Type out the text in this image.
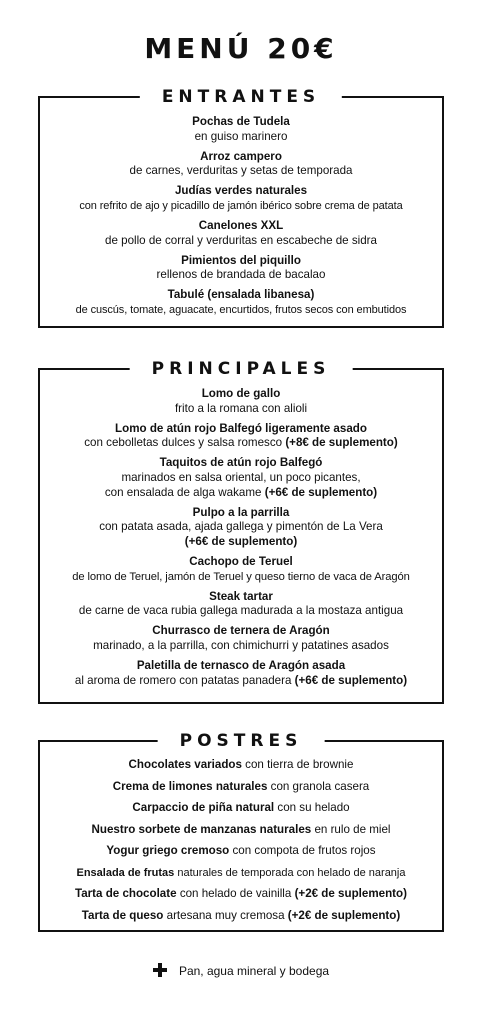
MENÚ 20€
ENTRANTES
Pochas de Tudela
en guiso marinero
Arroz campero
de carnes, verduritas y setas de temporada
Judías verdes naturales
con refrito de ajo y picadillo de jamón ibérico sobre crema de patata
Canelones XXL
de pollo de corral y verduritas en escabeche de sidra
Pimientos del piquillo
rellenos de brandada de bacalao
Tabulé (ensalada libanesa)
de cuscús, tomate, aguacate, encurtidos, frutos secos con embutidos
PRINCIPALES
Lomo de gallo
frito a la romana con alioli
Lomo de atún rojo Balfegó ligeramente asado
con cebolletas dulces y salsa romesco (+8€ de suplemento)
Taquitos de atún rojo Balfegó
marinados en salsa oriental, un poco picantes,
con ensalada de alga wakame (+6€ de suplemento)
Pulpo a la parrilla
con patata asada, ajada gallega y pimentón de La Vera
(+6€ de suplemento)
Cachopo de Teruel
de lomo de Teruel, jamón de Teruel y queso tierno de vaca de Aragón
Steak tartar
de carne de vaca rubia gallega madurada a la mostaza antigua
Churrasco de ternera de Aragón
marinado, a la parrilla, con chimichurri y patatines asados
Paletilla de ternasco de Aragón asada
al aroma de romero con patatas panadera (+6€ de suplemento)
POSTRES
Chocolates variados con tierra de brownie
Crema de limones naturales con granola casera
Carpaccio de piña natural con su helado
Nuestro sorbete de manzanas naturales en rulo de miel
Yogur griego cremoso con compota de frutos rojos
Ensalada de frutas naturales de temporada con helado de naranja
Tarta de chocolate con helado de vainilla (+2€ de suplemento)
Tarta de queso artesana muy cremosa (+2€ de suplemento)
Pan, agua mineral y bodega
